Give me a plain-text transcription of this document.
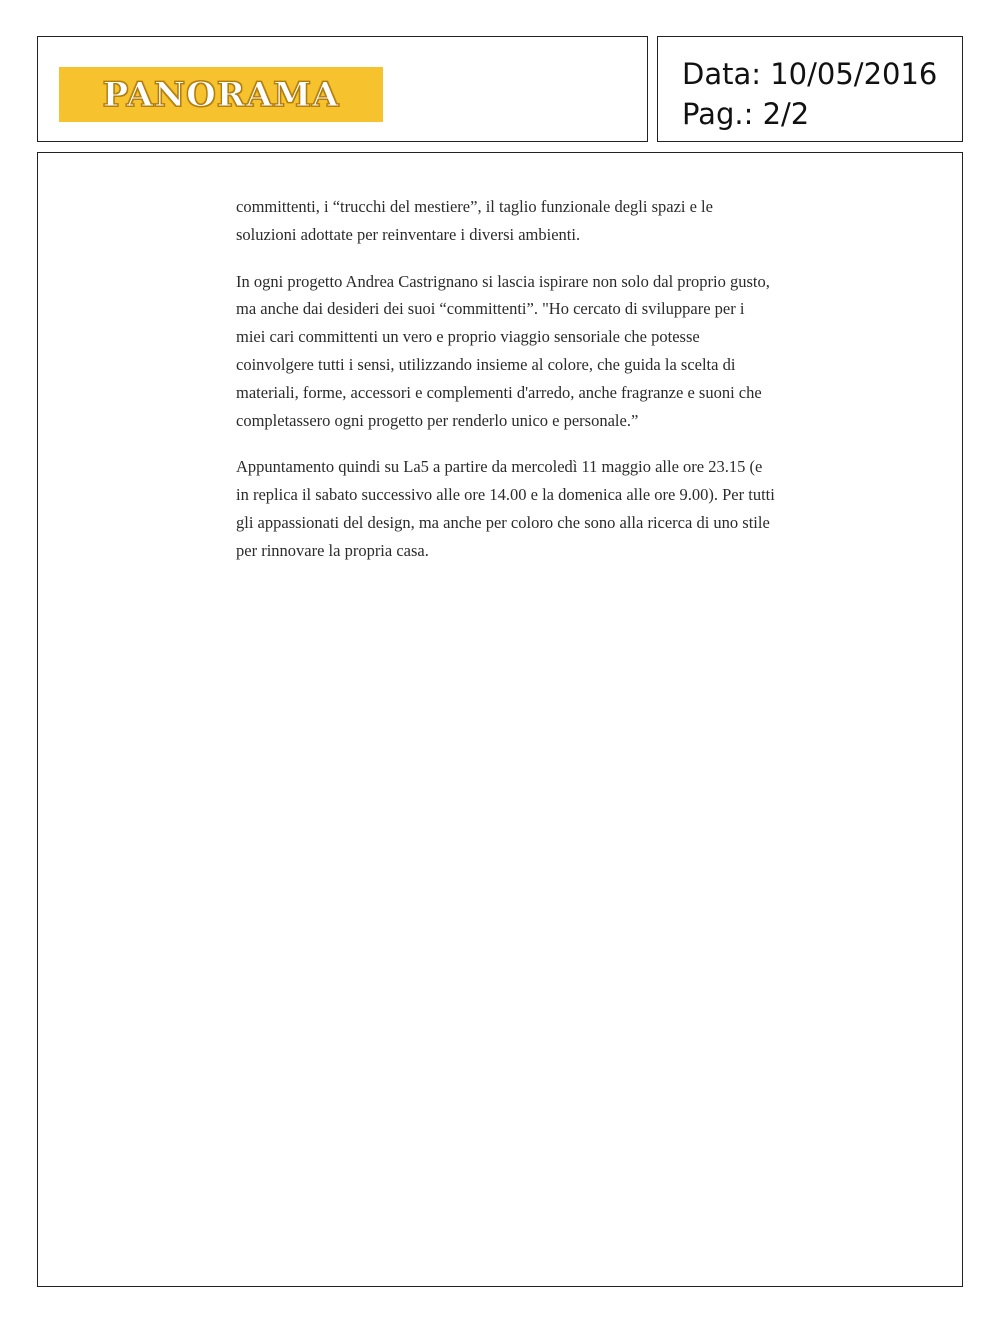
PANORAMA
Data: 10/05/2016
Pag.: 2/2

committenti, i “trucchi del mestiere”, il taglio funzionale degli spazi e le soluzioni adottate per reinventare i diversi ambienti.

In ogni progetto Andrea Castrignano si lascia ispirare non solo dal proprio gusto, ma anche dai desideri dei suoi “committenti”. "Ho cercato di sviluppare per i miei cari committenti un vero e proprio viaggio sensoriale che potesse coinvolgere tutti i sensi, utilizzando insieme al colore, che guida la scelta di materiali, forme, accessori e complementi d'arredo, anche fragranze e suoni che completassero ogni progetto per renderlo unico e personale.”

Appuntamento quindi su La5 a partire da mercoledì 11 maggio alle ore 23.15 (e in replica il sabato successivo alle ore 14.00 e la domenica alle ore 9.00). Per tutti gli appassionati del design, ma anche per coloro che sono alla ricerca di uno stile per rinnovare la propria casa.
